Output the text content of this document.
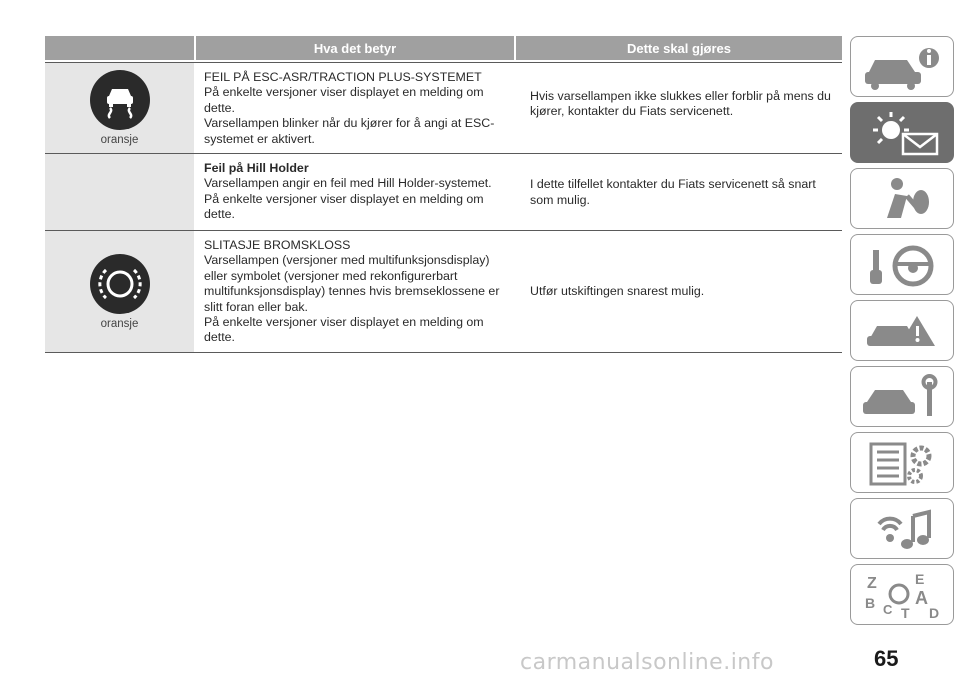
Hva det betyr	Dette skal gjøres
oransje
FEIL PÅ ESC-ASR/TRACTION PLUS-SYSTEMET
På enkelte versjoner viser displayet en melding om dette.
Varsellampen blinker når du kjører for å angi at ESC-systemet er aktivert.
Hvis varsellampen ikke slukkes eller forblir på mens du kjører, kontakter du Fiats servicenett.
Feil på Hill Holder
Varsellampen angir en feil med Hill Holder-systemet.
På enkelte versjoner viser displayet en melding om dette.
I dette tilfellet kontakter du Fiats servicenett så snart som mulig.
oransje
SLITASJE BROMSKLOSS
Varsellampen (versjoner med multifunksjonsdisplay) eller symbolet (versjoner med rekonfigurerbart multifunksjonsdisplay) tennes hvis bremseklossene er slitt foran eller bak.
På enkelte versjoner viser displayet en melding om dette.
Utfør utskiftingen snarest mulig.
Z	E
A
B C T D
65
carmanualsonline.info
